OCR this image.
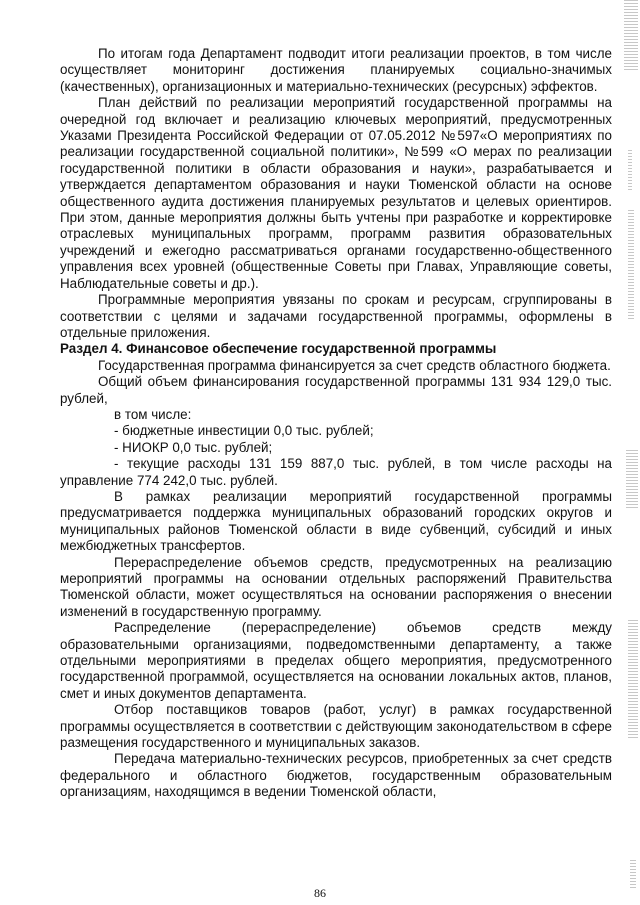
По итогам года Департамент подводит итоги реализации проектов, в том числе осуществляет мониторинг достижения планируемых социально-значимых (качественных), организационных и материально-технических (ресурсных) эффектов.

План действий по реализации мероприятий государственной программы на очередной год включает и реализацию ключевых мероприятий, предусмотренных Указами Президента Российской Федерации от 07.05.2012 №597«О мероприятиях по реализации государственной социальной политики», №599 «О мерах по реализации государственной политики в области образования и науки», разрабатывается и утверждается департаментом образования и науки Тюменской области на основе общественного аудита достижения планируемых результатов и целевых ориентиров. При этом, данные мероприятия должны быть учтены при разработке и корректировке отраслевых муниципальных программ, программ развития образовательных учреждений и ежегодно рассматриваться органами государственно-общественного управления всех уровней (общественные Советы при Главах, Управляющие советы, Наблюдательные советы и др.).

Программные мероприятия увязаны по срокам и ресурсам, сгруппированы в соответствии с целями и задачами государственной программы, оформлены в отдельные приложения.

Раздел 4. Финансовое обеспечение государственной программы

Государственная программа финансируется за счет средств областного бюджета.

Общий объем финансирования государственной программы 131 934 129,0 тыс. рублей,

в том числе:

- бюджетные инвестиции 0,0 тыс. рублей;

- НИОКР 0,0 тыс. рублей;

- текущие расходы 131 159 887,0 тыс. рублей, в том числе расходы на управление 774 242,0 тыс. рублей.

В рамках реализации мероприятий государственной программы предусматривается поддержка муниципальных образований городских округов и муниципальных районов Тюменской области в виде субвенций, субсидий и иных межбюджетных трансфертов.

Перераспределение объемов средств, предусмотренных на реализацию мероприятий программы на основании отдельных распоряжений Правительства Тюменской области, может осуществляться на основании распоряжения о внесении изменений в государственную программу.

Распределение (перераспределение) объемов средств между образовательными организациями, подведомственными департаменту, а также отдельными мероприятиями в пределах общего мероприятия, предусмотренного государственной программой, осуществляется на основании локальных актов, планов, смет и иных документов департамента.

Отбор поставщиков товаров (работ, услуг) в рамках государственной программы осуществляется в соответствии с действующим законодательством в сфере размещения государственного и муниципальных заказов.

Передача материально-технических ресурсов, приобретенных за счет средств федерального и областного бюджетов, государственным образовательным организациям, находящимся в ведении Тюменской области,

86
